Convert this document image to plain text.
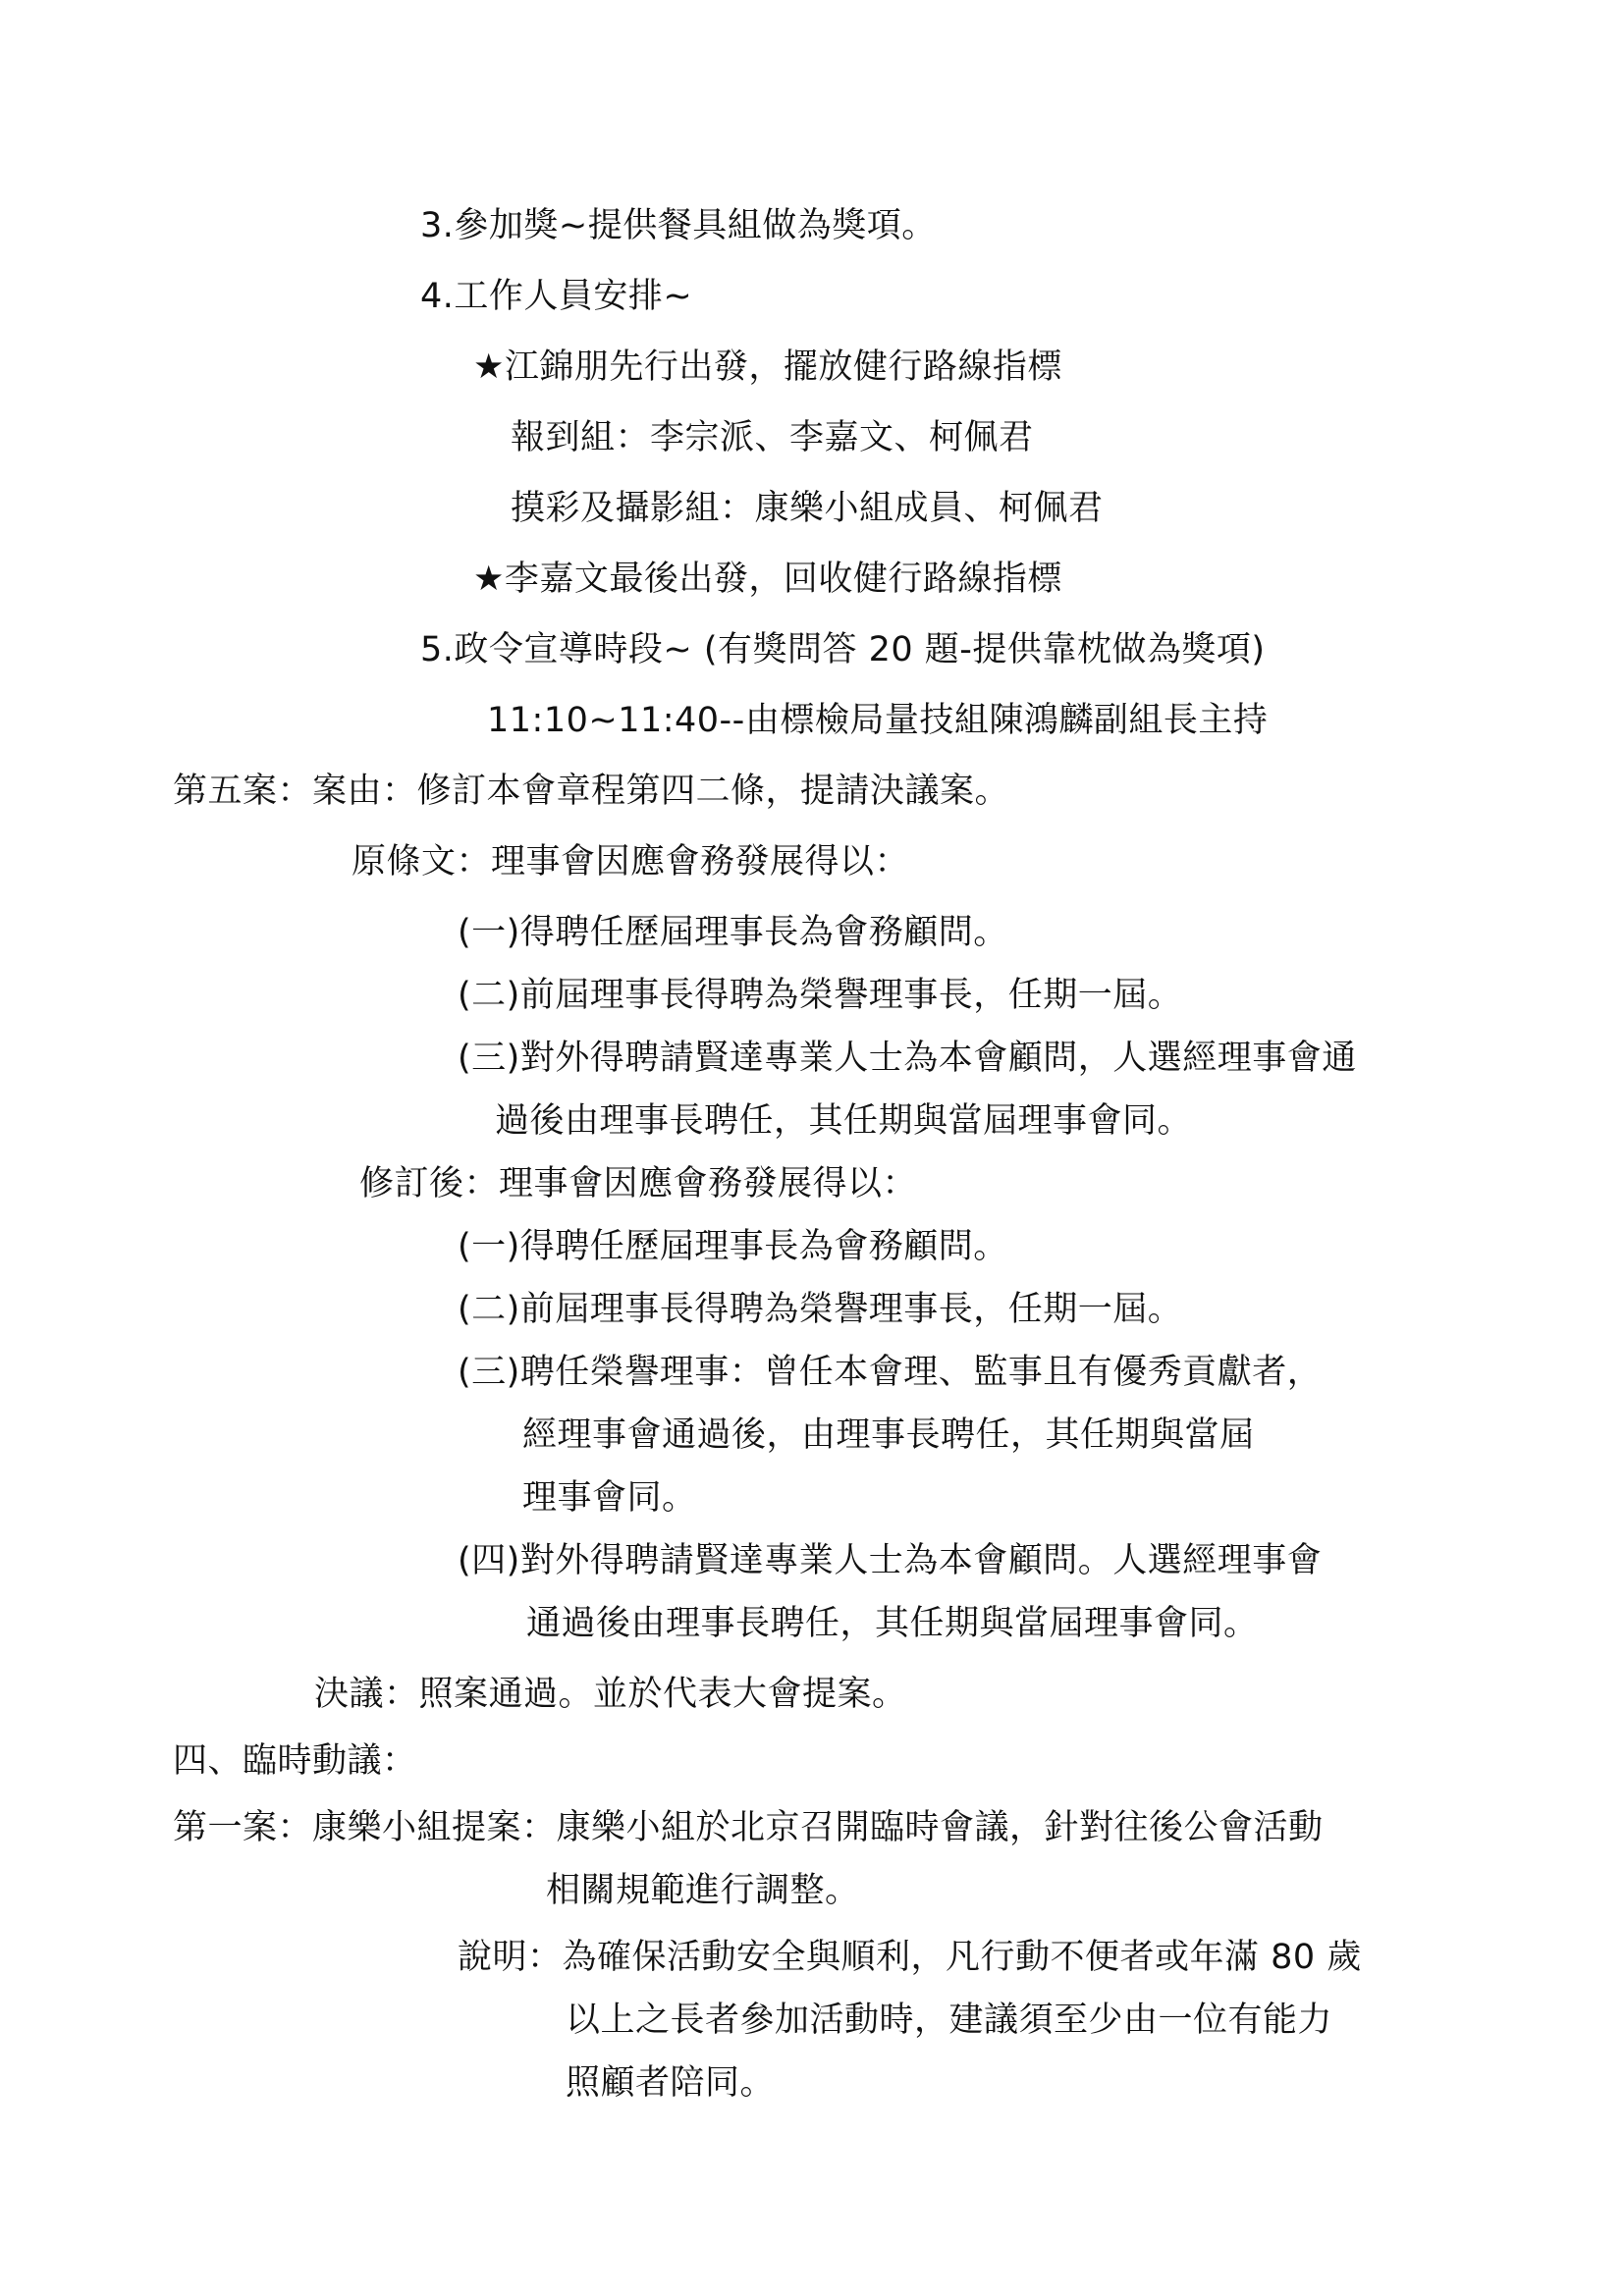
3.參加獎~提供餐具組做為獎項。
4.工作人員安排~
★江錦朋先行出發，擺放健行路線指標
報到組：李宗派、李嘉文、柯佩君
摸彩及攝影組：康樂小組成員、柯佩君
★李嘉文最後出發，回收健行路線指標
5.政令宣導時段~ (有獎問答 20 題-提供靠枕做為獎項)
11:10~11:40--由標檢局量技組陳鴻麟副組長主持
第五案：案由：修訂本會章程第四二條，提請決議案。
原條文：理事會因應會務發展得以：
(一)得聘任歷屆理事長為會務顧問。
(二)前屆理事長得聘為榮譽理事長，任期一屆。
(三)對外得聘請賢達專業人士為本會顧問，人選經理事會通
過後由理事長聘任，其任期與當屆理事會同。
修訂後：理事會因應會務發展得以：
(一)得聘任歷屆理事長為會務顧問。
(二)前屆理事長得聘為榮譽理事長，任期一屆。
(三)聘任榮譽理事：曾任本會理、監事且有優秀貢獻者，
經理事會通過後，由理事長聘任，其任期與當屆
理事會同。
(四)對外得聘請賢達專業人士為本會顧問。人選經理事會
通過後由理事長聘任，其任期與當屆理事會同。
決議：照案通過。並於代表大會提案。
四、臨時動議：
第一案：康樂小組提案：康樂小組於北京召開臨時會議，針對往後公會活動
相關規範進行調整。
說明：為確保活動安全與順利，凡行動不便者或年滿 80 歲
以上之長者參加活動時，建議須至少由一位有能力
照顧者陪同。
